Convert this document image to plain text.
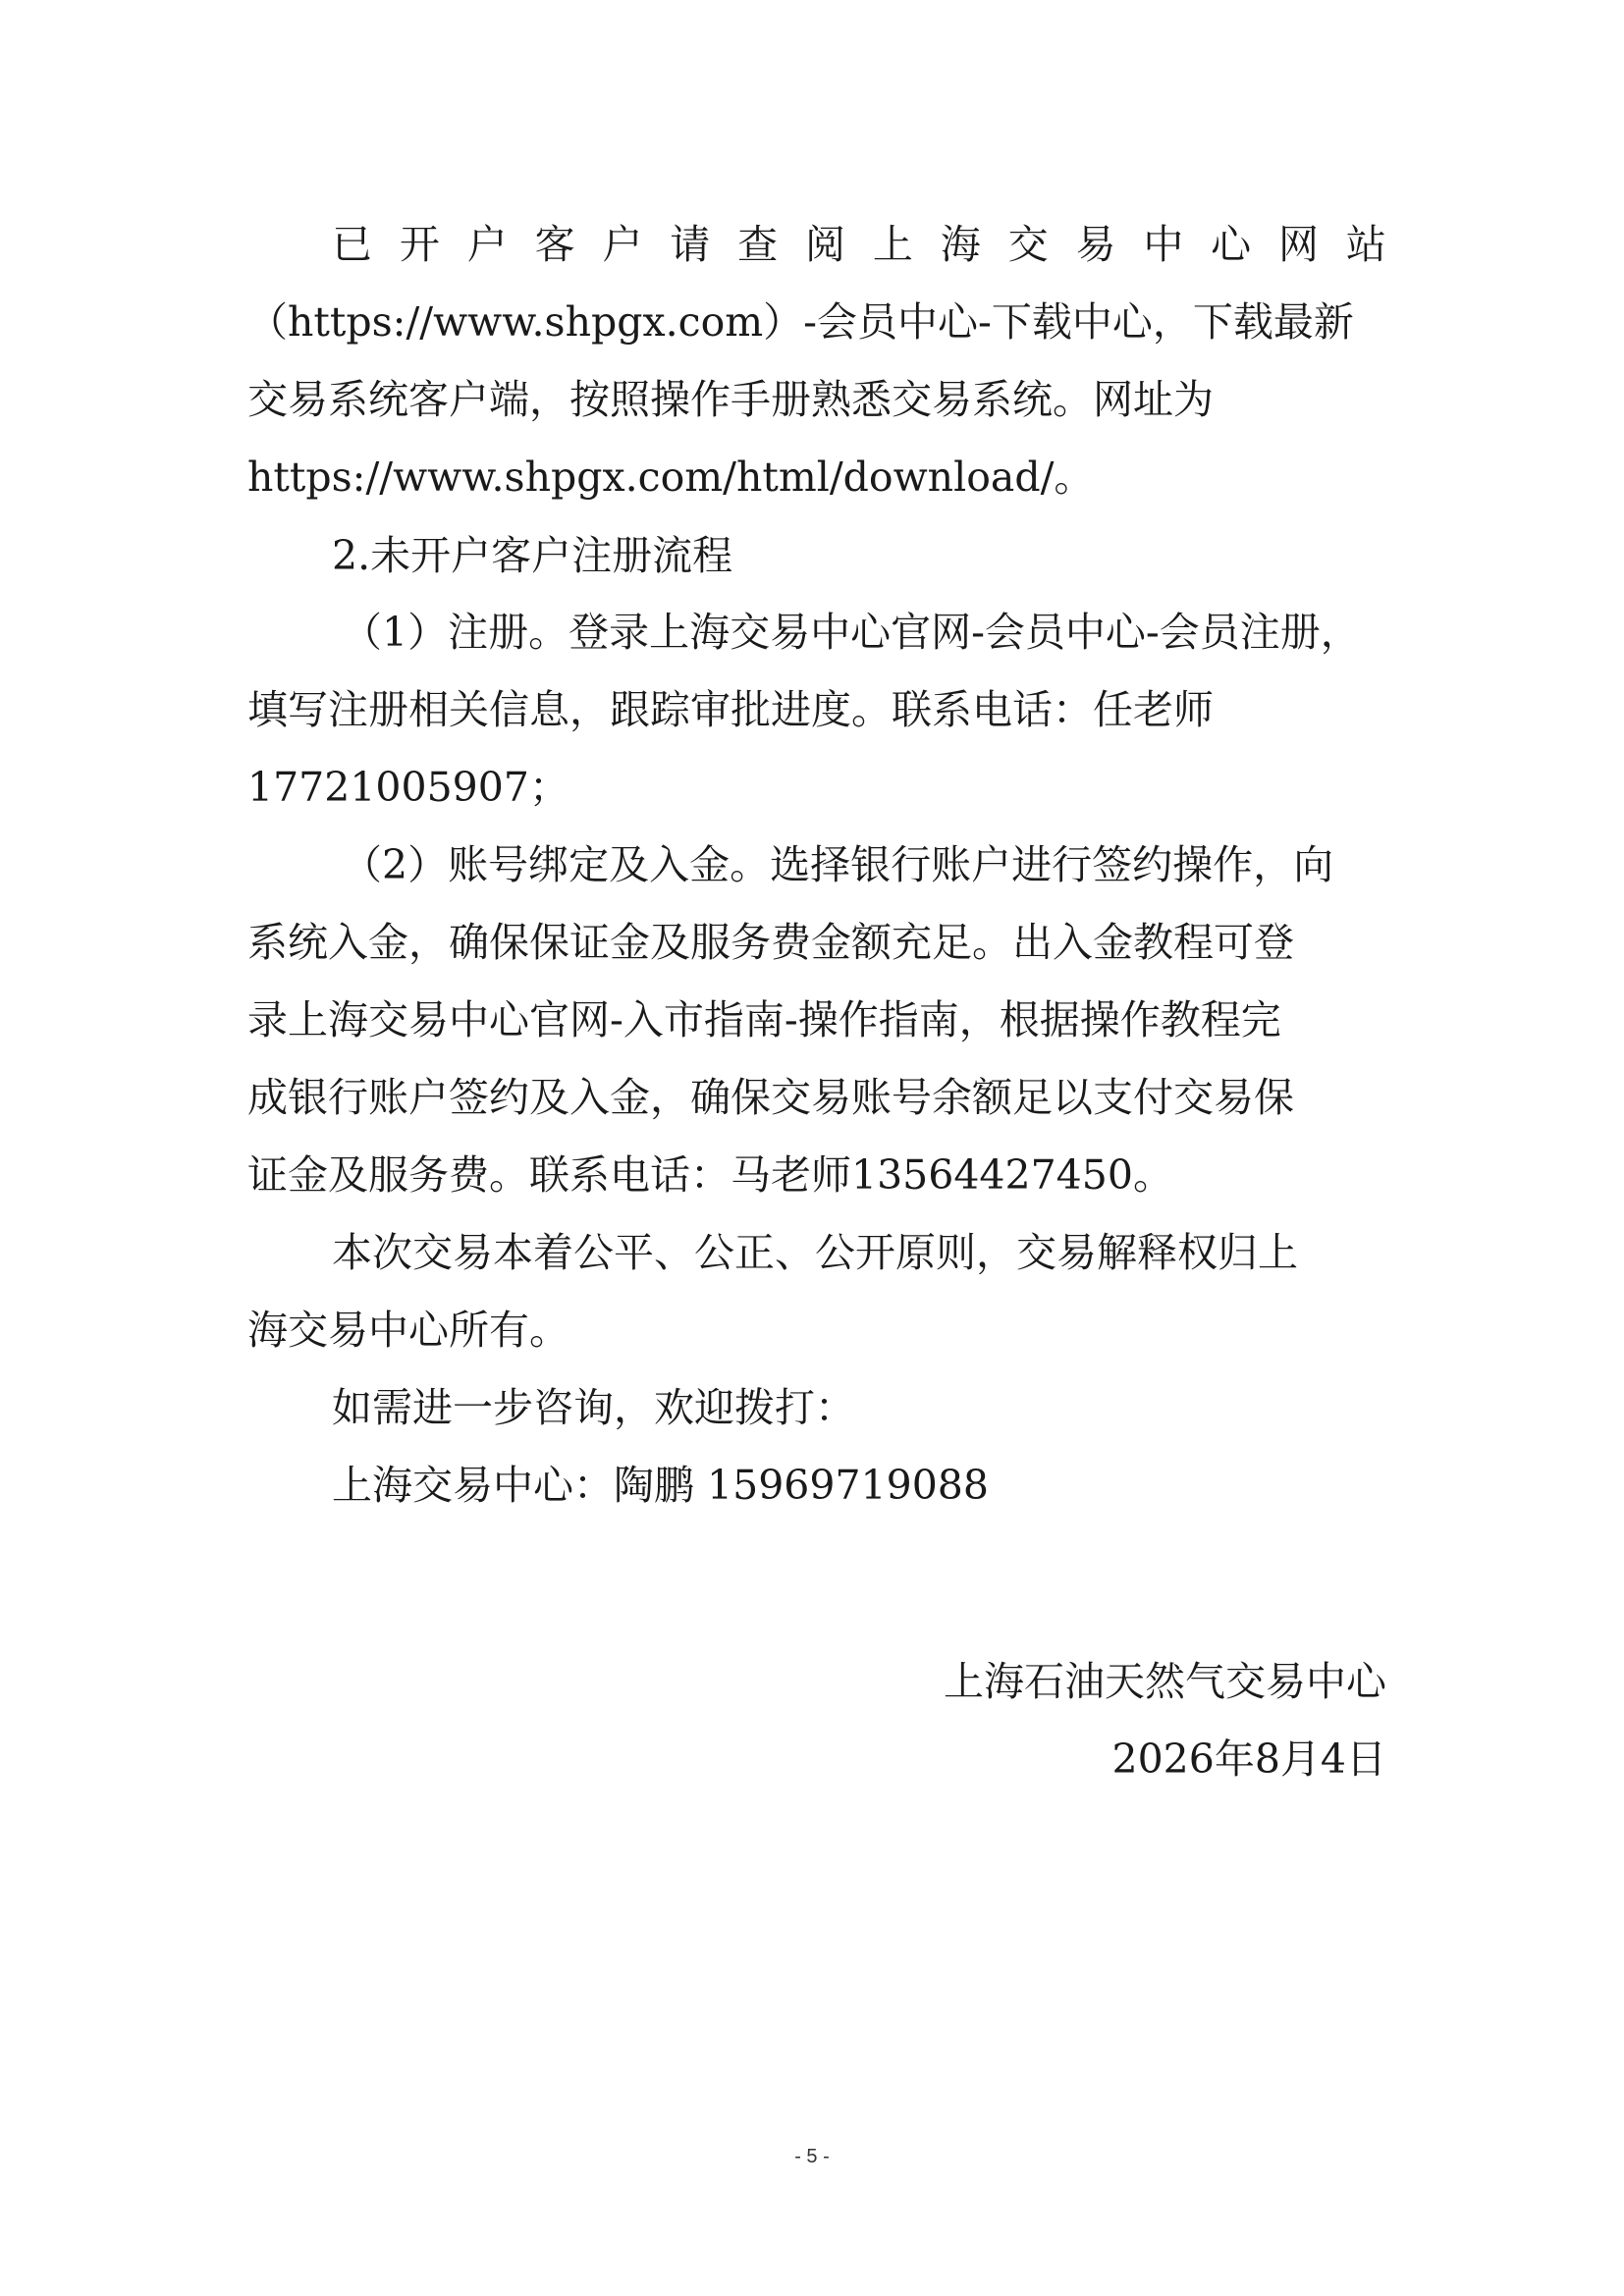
已 开 户 客 户 请 查 阅 上 海 交 易 中 心 网 站
（https://www.shpgx.com）-会员中心-下载中心，下载最新
交易系统客户端，按照操作手册熟悉交易系统。网址为
https://www.shpgx.com/html/download/。
2.未开户客户注册流程
（1）注册。登录上海交易中心官网-会员中心-会员注册，
填写注册相关信息，跟踪审批进度。联系电话：任老师
17721005907；
（2）账号绑定及入金。选择银行账户进行签约操作，向
系统入金，确保保证金及服务费金额充足。出入金教程可登
录上海交易中心官网-入市指南-操作指南，根据操作教程完
成银行账户签约及入金，确保交易账号余额足以支付交易保
证金及服务费。联系电话：马老师13564427450。
本次交易本着公平、公正、公开原则，交易解释权归上
海交易中心所有。
如需进一步咨询，欢迎拨打：
上海交易中心：陶鹏 15969719088
上海石油天然气交易中心
2026年8月4日
- 5 -
